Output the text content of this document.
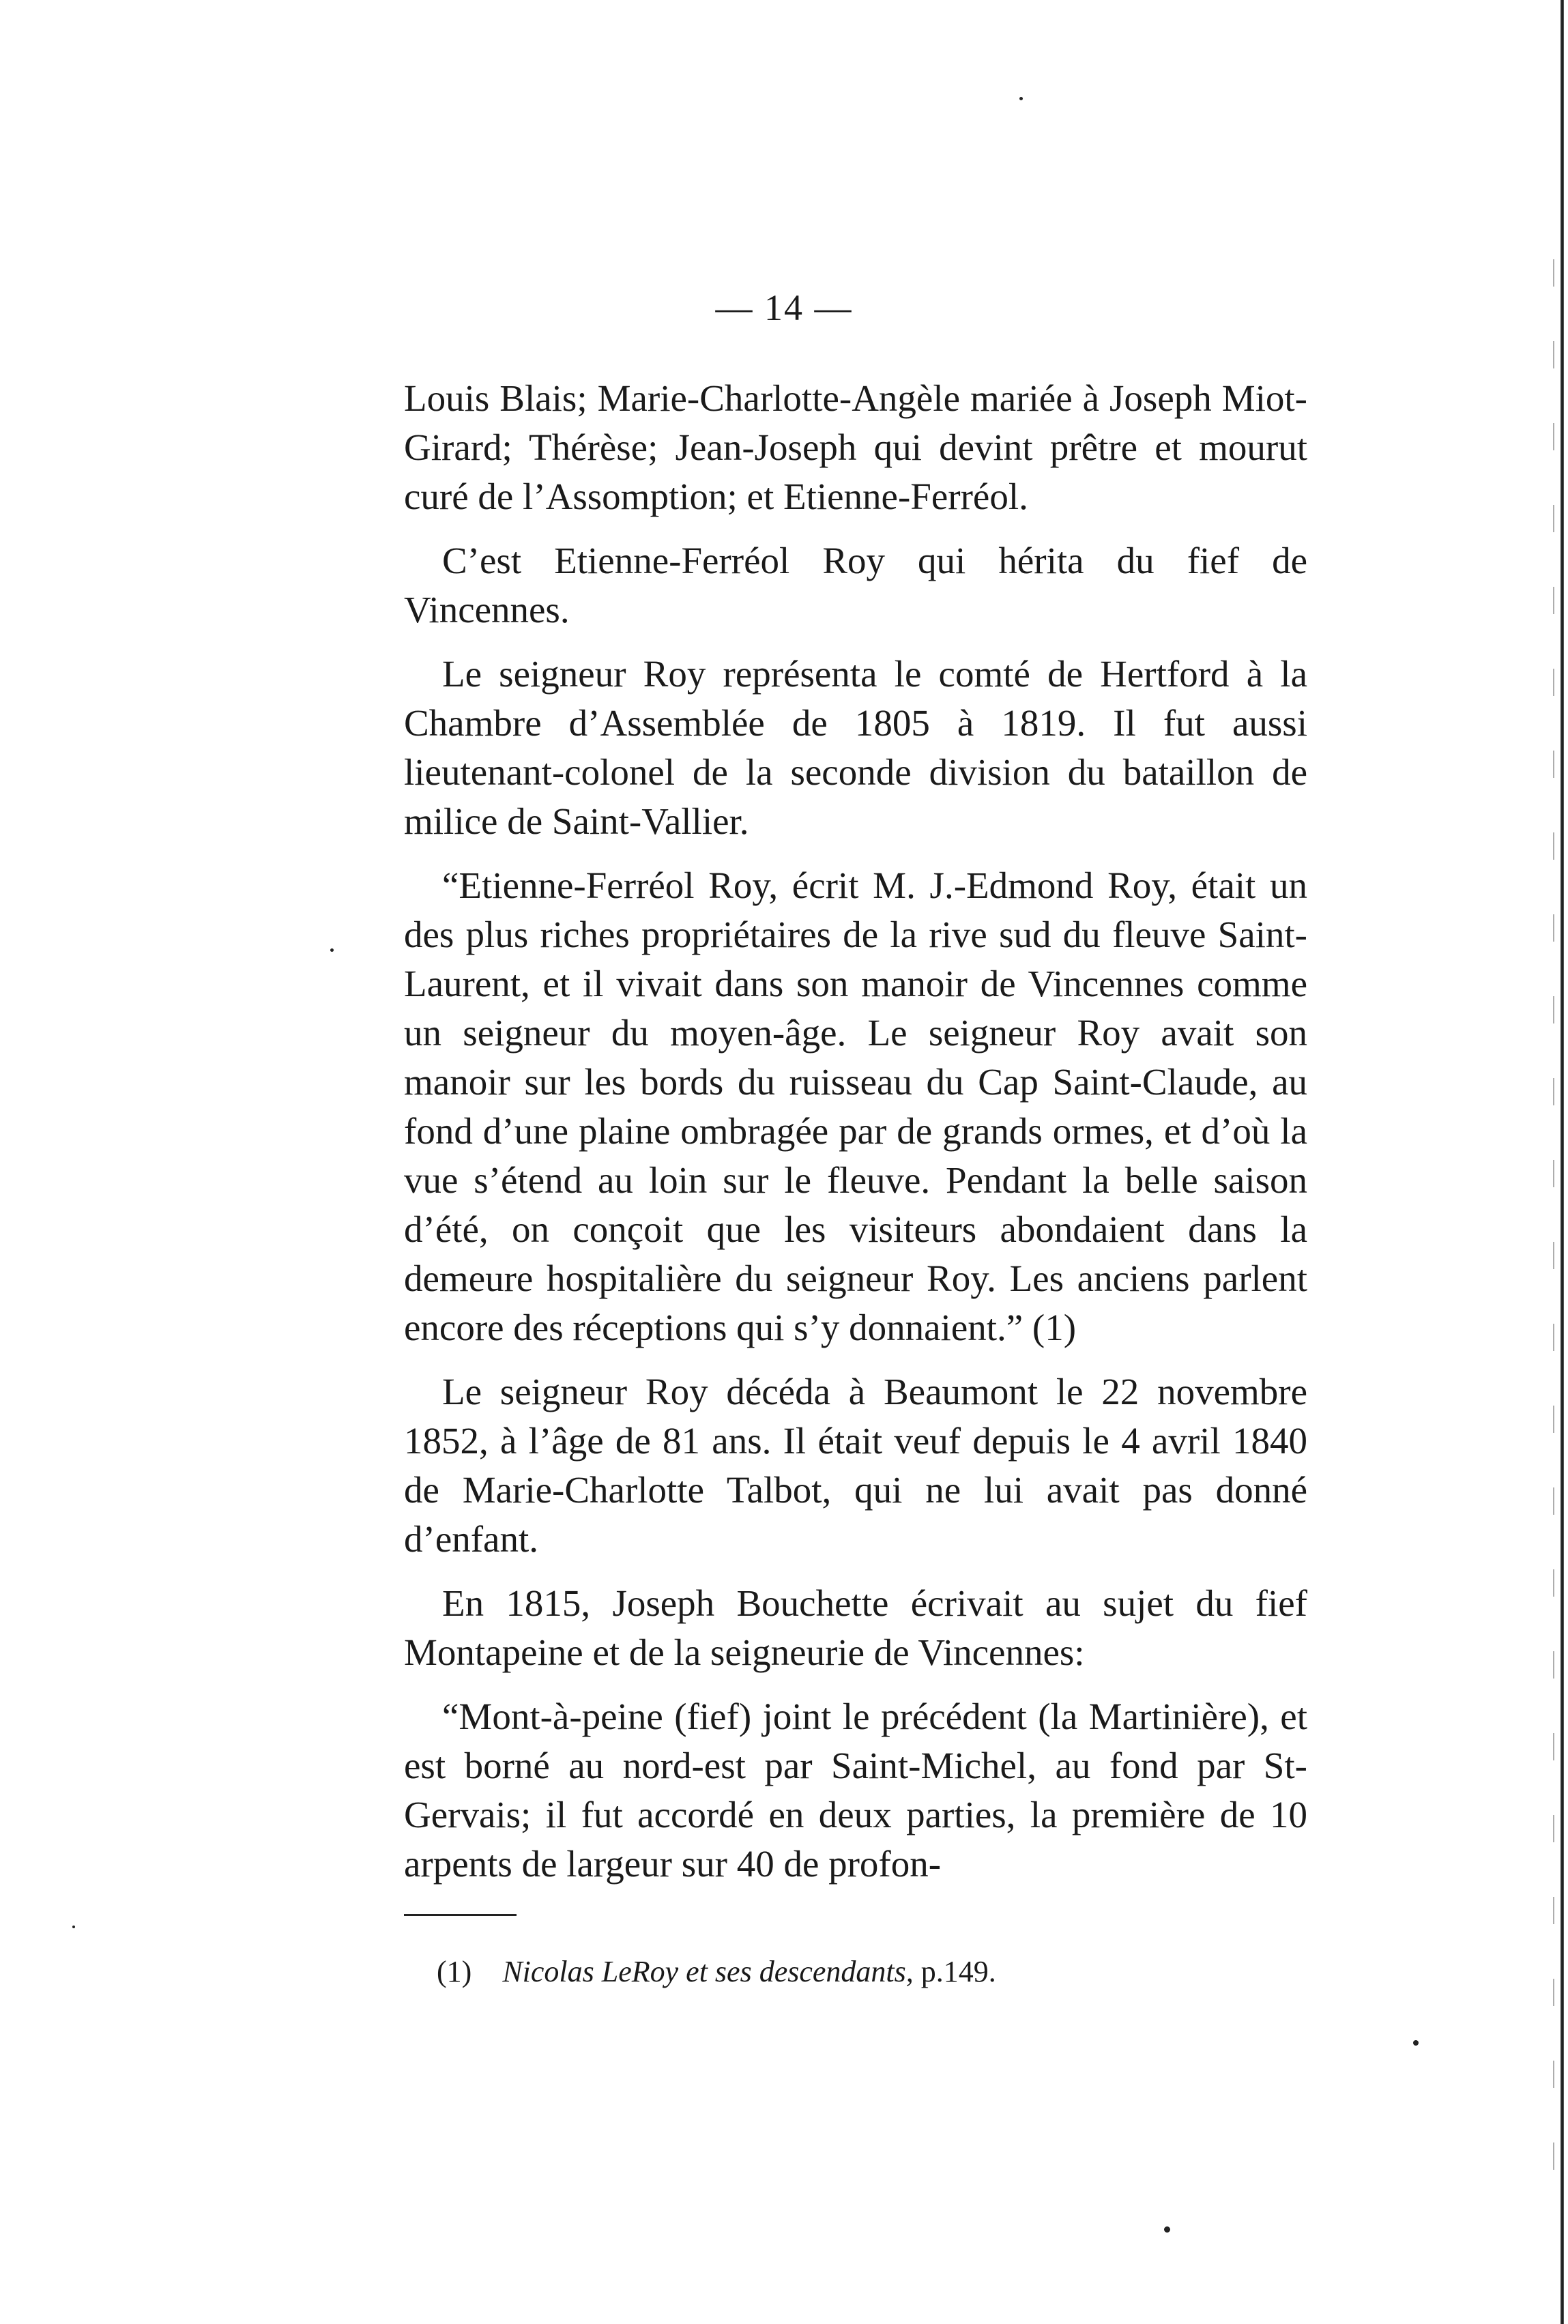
— 14 —

Louis Blais; Marie-Charlotte-Angèle mariée à Joseph Miot-Girard; Thérèse; Jean-Joseph qui devint prêtre et mourut curé de l’Assomption; et Etienne-Ferréol.

C’est Etienne-Ferréol Roy qui hérita du fief de Vincennes.

Le seigneur Roy représenta le comté de Hertford à la Chambre d’Assemblée de 1805 à 1819. Il fut aussi lieutenant-colonel de la seconde division du bataillon de milice de Saint-Vallier.

“Etienne-Ferréol Roy, écrit M. J.-Edmond Roy, était un des plus riches propriétaires de la rive sud du fleuve Saint-Laurent, et il vivait dans son manoir de Vincennes comme un seigneur du moyen-âge. Le seigneur Roy avait son manoir sur les bords du ruisseau du Cap Saint-Claude, au fond d’une plaine ombragée par de grands ormes, et d’où la vue s’étend au loin sur le fleuve. Pendant la belle saison d’été, on conçoit que les visiteurs abondaient dans la demeure hospitalière du seigneur Roy. Les anciens parlent encore des réceptions qui s’y donnaient.” (1)

Le seigneur Roy décéda à Beaumont le 22 novembre 1852, à l’âge de 81 ans. Il était veuf depuis le 4 avril 1840 de Marie-Charlotte Talbot, qui ne lui avait pas donné d’enfant.

En 1815, Joseph Bouchette écrivait au sujet du fief Montapeine et de la seigneurie de Vincennes:

“Mont-à-peine (fief) joint le précédent (la Martinière), et est borné au nord-est par Saint-Michel, au fond par St-Gervais; il fut accordé en deux parties, la première de 10 arpents de largeur sur 40 de profon-

(1) Nicolas LeRoy et ses descendants, p.149.
